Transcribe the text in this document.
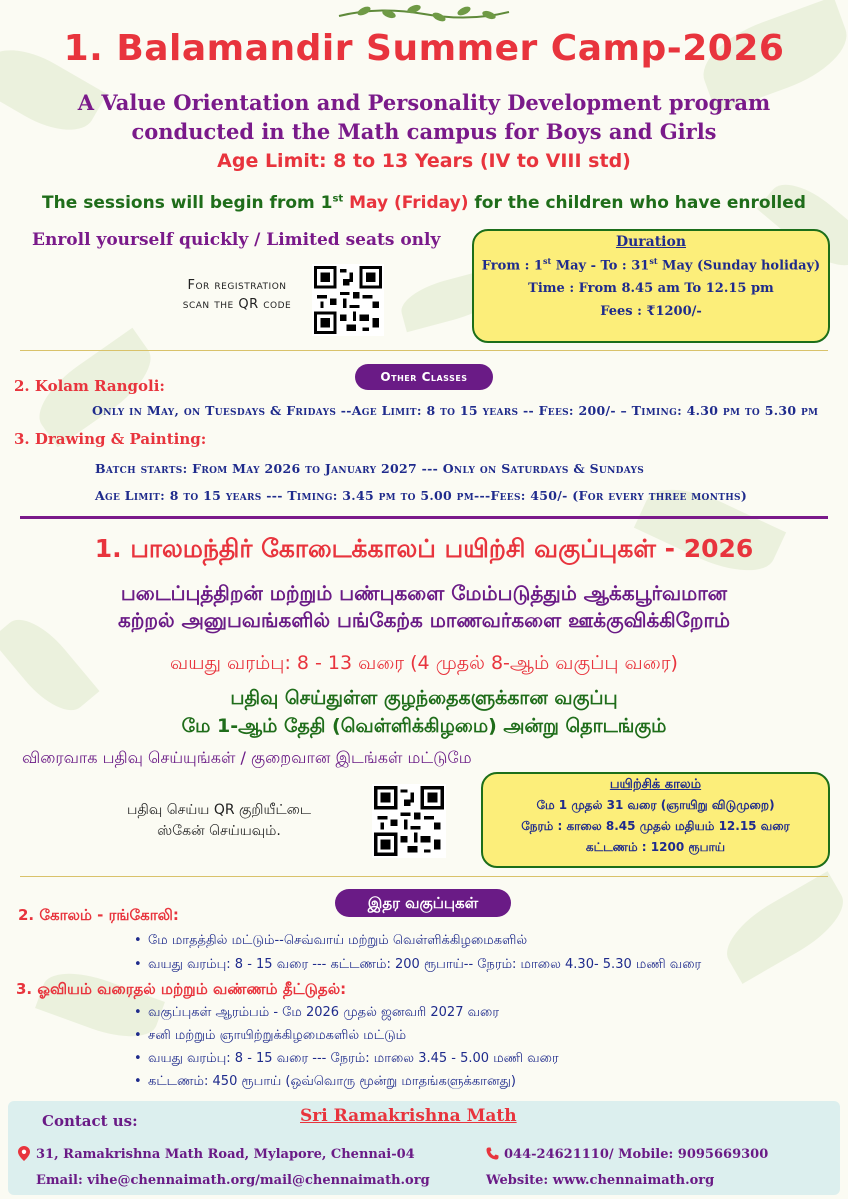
1. Balamandir Summer Camp-2026
A Value Orientation and Personality Development program
conducted in the Math campus for Boys and Girls
Age Limit: 8 to 13 Years (IV to VIII std)
The sessions will begin from 1st May (Friday) for the children who have enrolled
Enroll yourself quickly / Limited seats only
For registration
scan the QR code
Duration
From : 1st May - To : 31st May (Sunday holiday)
Time : From 8.45 am To 12.15 pm
Fees : ₹1200/-
Other Classes
2. Kolam Rangoli:
Only in May, on Tuesdays & Fridays --Age Limit: 8 to 15 years -- Fees: 200/- – Timing: 4.30 pm to 5.30 pm
3. Drawing & Painting:
Batch starts: From May 2026 to January 2027 --- Only on Saturdays & Sundays
Age Limit: 8 to 15 years --- Timing: 3.45 pm to 5.00 pm---Fees: 450/- (For every three months)
1. பாலமந்திர் கோடைக்காலப் பயிற்சி வகுப்புகள் - 2026
படைப்புத்திறன் மற்றும் பண்புகளை மேம்படுத்தும் ஆக்கபூர்வமான
கற்றல் அனுபவங்களில் பங்கேற்க மாணவர்களை ஊக்குவிக்கிறோம்
வயது வரம்பு: 8 - 13 வரை (4 முதல் 8-ஆம் வகுப்பு வரை)
பதிவு செய்துள்ள குழந்தைகளுக்கான வகுப்பு
மே 1-ஆம் தேதி (வெள்ளிக்கிழமை) அன்று தொடங்கும்
விரைவாக பதிவு செய்யுங்கள் / குறைவான இடங்கள் மட்டுமே
பதிவு செய்ய QR குறியீட்டை
ஸ்கேன் செய்யவும்.
பயிற்சிக் காலம்
மே 1 முதல் 31 வரை (ஞாயிறு விடுமுறை)
நேரம் : காலை 8.45 முதல் மதியம் 12.15 வரை
கட்டணம் : 1200 ரூபாய்
இதர வகுப்புகள்
2. கோலம் - ரங்கோலி:
• மே மாதத்தில் மட்டும்--செவ்வாய் மற்றும் வெள்ளிக்கிழமைகளில்
• வயது வரம்பு: 8 - 15 வரை --- கட்டணம்: 200 ரூபாய்-- நேரம்: மாலை 4.30- 5.30 மணி வரை
3. ஓவியம் வரைதல் மற்றும் வண்ணம் தீட்டுதல்:
• வகுப்புகள் ஆரம்பம் - மே 2026 முதல் ஜனவரி 2027 வரை
• சனி மற்றும் ஞாயிற்றுக்கிழமைகளில் மட்டும்
• வயது வரம்பு: 8 - 15 வரை --- நேரம்: மாலை 3.45 - 5.00 மணி வரை
• கட்டணம்: 450 ரூபாய் (ஒவ்வொரு மூன்று மாதங்களுக்கானது)
Contact us:	Sri Ramakrishna Math
31, Ramakrishna Math Road, Mylapore, Chennai-04	044-24621110/ Mobile: 9095669300
Email: vihe@chennaimath.org/mail@chennaimath.org	Website: www.chennaimath.org
